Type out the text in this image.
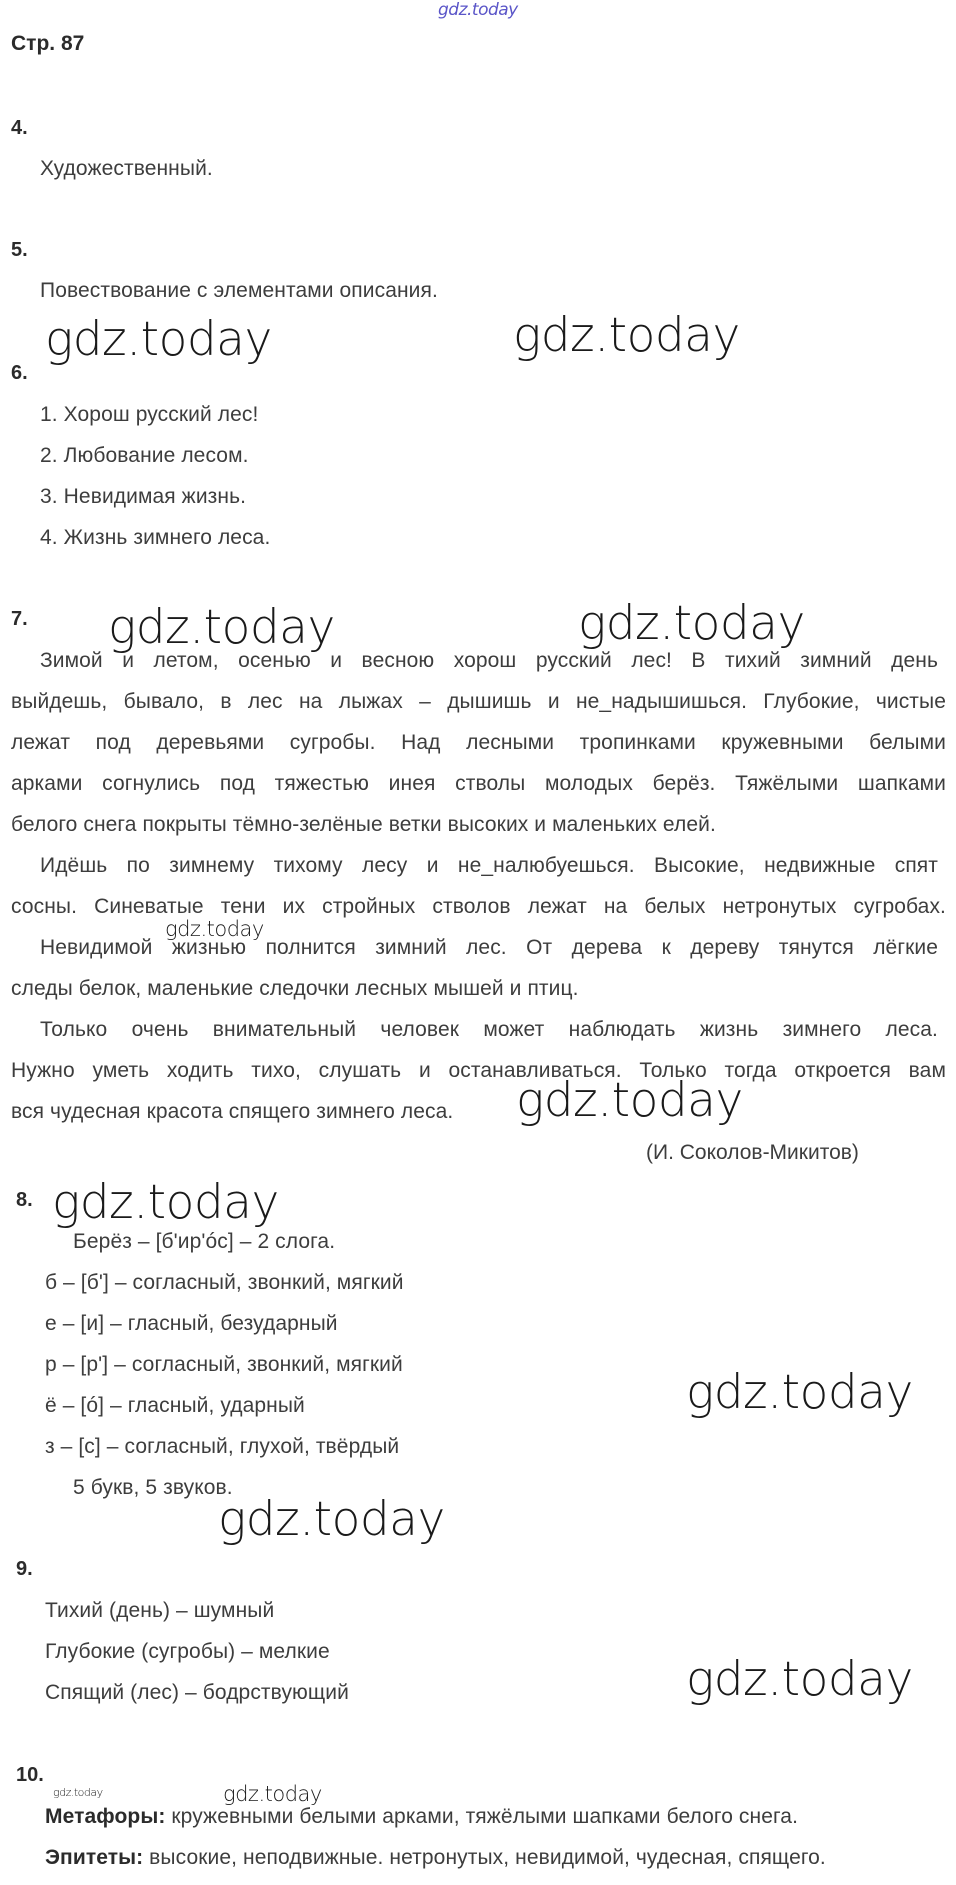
gdz.today
Стр. 87
4.
Художественный.
5.
Повествование с элементами описания.
6.
1. Хорош русский лес!
2. Любование лесом.
3. Невидимая жизнь.
4. Жизнь зимнего леса.
7.
Зимой и летом, осенью и весною хорош русский лес! В тихий зимний день
выйдешь, бывало, в лес на лыжах – дышишь и не_надышишься. Глубокие, чистые
лежат под деревьями сугробы. Над лесными тропинками кружевными белыми
арками согнулись под тяжестью инея стволы молодых берёз. Тяжёлыми шапками
белого снега покрыты тёмно-зелёные ветки высоких и маленьких елей.
Идёшь по зимнему тихому лесу и не_налюбуешься. Высокие, недвижные спят
сосны. Синеватые тени их стройных стволов лежат на белых нетронутых сугробах.
Невидимой жизнью полнится зимний лес. От дерева к дереву тянутся лёгкие
следы белок, маленькие следочки лесных мышей и птиц.
Только очень внимательный человек может наблюдать жизнь зимнего леса.
Нужно уметь ходить тихо, слушать и останавливаться. Только тогда откроется вам
вся чудесная красота спящего зимнего леса.
(И. Соколов-Микитов)
8.
Берёз – [б'ир'óс] – 2 слога.
б – [б'] – согласный, звонкий, мягкий
е – [и] – гласный, безударный
р – [р'] – согласный, звонкий, мягкий
ё – [ó] – гласный, ударный
з – [с] – согласный, глухой, твёрдый
5 букв, 5 звуков.
9.
Тихий (день) – шумный
Глубокие (сугробы) – мелкие
Спящий (лес) – бодрствующий
10.
Метафоры: кружевными белыми арками, тяжёлыми шапками белого снега.
Эпитеты: высокие, неподвижные. нетронутых, невидимой, чудесная, спящего.
gdz.today	gdz.today
gdz.today	gdz.today
gdz.today
gdz.today
gdz.today
gdz.today
gdz.today
gdz.today
gdz.today	gdz.today
